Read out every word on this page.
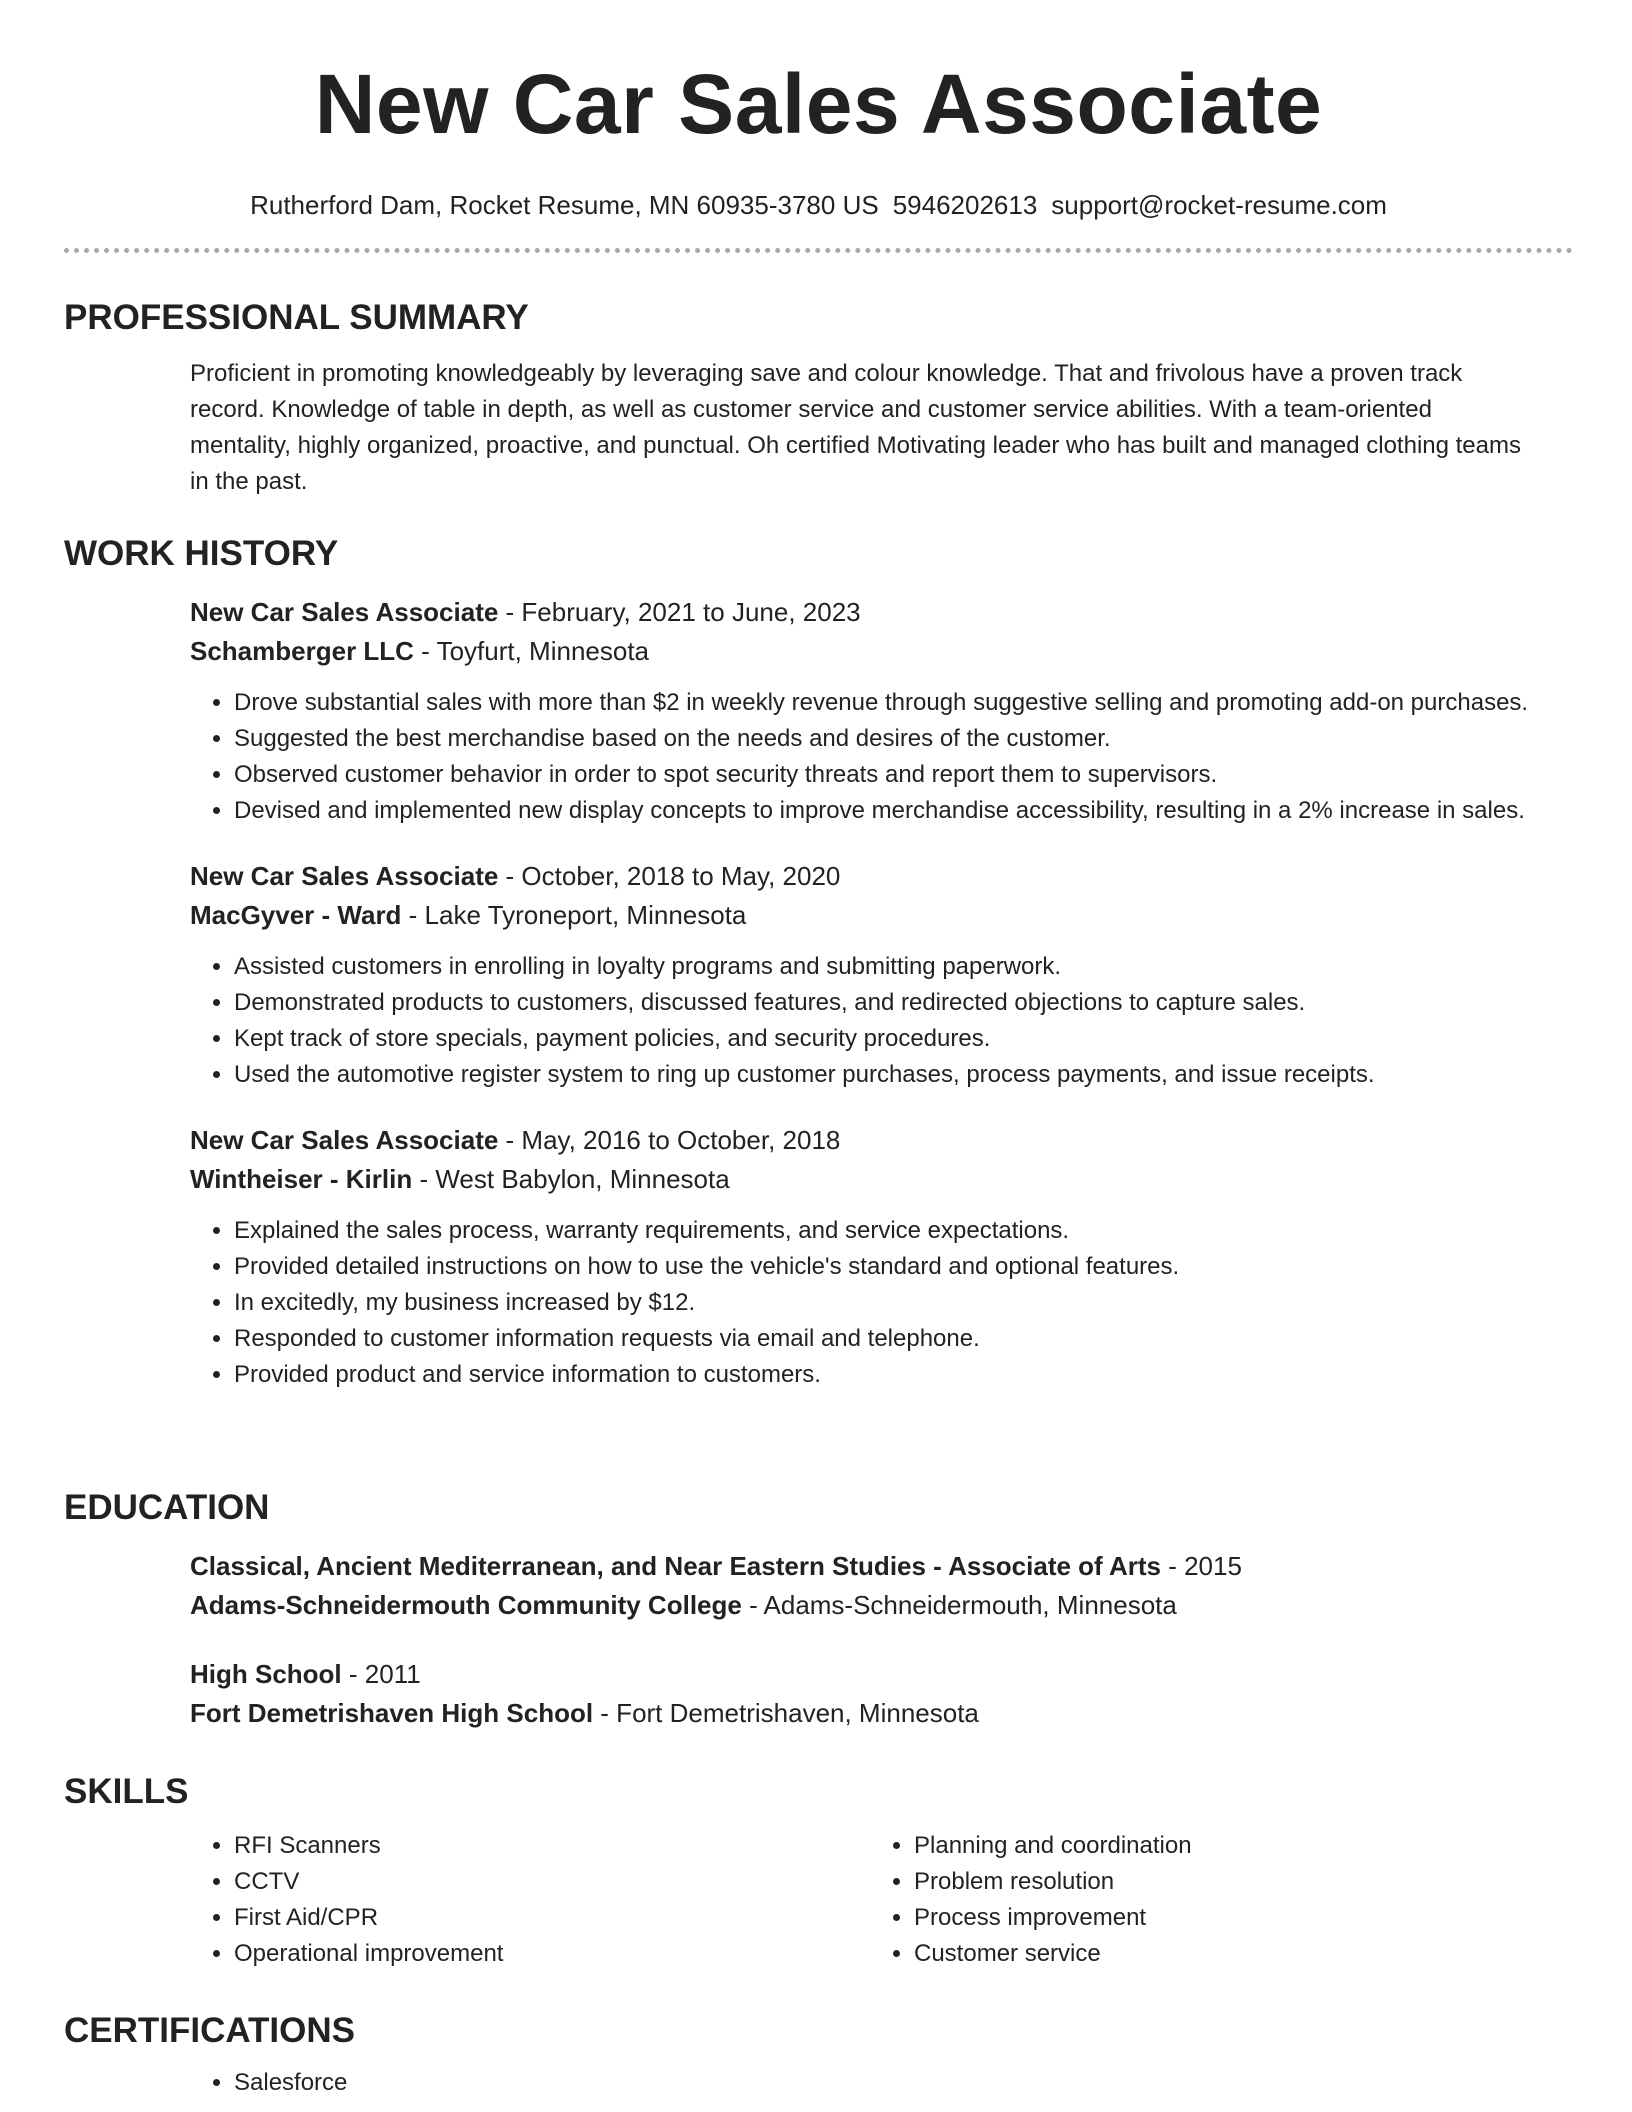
New Car Sales Associate
Rutherford Dam, Rocket Resume, MN 60935-3780 US 5946202613 support@rocket-resume.com
PROFESSIONAL SUMMARY

Proficient in promoting knowledgeably by leveraging save and colour knowledge. That and frivolous have a proven track record. Knowledge of table in depth, as well as customer service and customer service abilities. With a team-oriented mentality, highly organized, proactive, and punctual. Oh certified Motivating leader who has built and managed clothing teams in the past.

WORK HISTORY
New Car Sales Associate - February, 2021 to June, 2023
Schamberger LLC - Toyfurt, Minnesota
• Drove substantial sales with more than $2 in weekly revenue through suggestive selling and promoting add-on purchases.
• Suggested the best merchandise based on the needs and desires of the customer.
• Observed customer behavior in order to spot security threats and report them to supervisors.
• Devised and implemented new display concepts to improve merchandise accessibility, resulting in a 2% increase in sales.
New Car Sales Associate - October, 2018 to May, 2020
MacGyver - Ward - Lake Tyroneport, Minnesota
• Assisted customers in enrolling in loyalty programs and submitting paperwork.
• Demonstrated products to customers, discussed features, and redirected objections to capture sales.
• Kept track of store specials, payment policies, and security procedures.
• Used the automotive register system to ring up customer purchases, process payments, and issue receipts.
New Car Sales Associate - May, 2016 to October, 2018
Wintheiser - Kirlin - West Babylon, Minnesota
• Explained the sales process, warranty requirements, and service expectations.
• Provided detailed instructions on how to use the vehicle's standard and optional features.
• In excitedly, my business increased by $12.
• Responded to customer information requests via email and telephone.
• Provided product and service information to customers.
EDUCATION
Classical, Ancient Mediterranean, and Near Eastern Studies - Associate of Arts - 2015
Adams-Schneidermouth Community College - Adams-Schneidermouth, Minnesota
High School - 2011
Fort Demetrishaven High School - Fort Demetrishaven, Minnesota
SKILLS
• RFI Scanners
• CCTV
• First Aid/CPR
• Operational improvement
• Planning and coordination
• Problem resolution
• Process improvement
• Customer service
CERTIFICATIONS
• Salesforce
